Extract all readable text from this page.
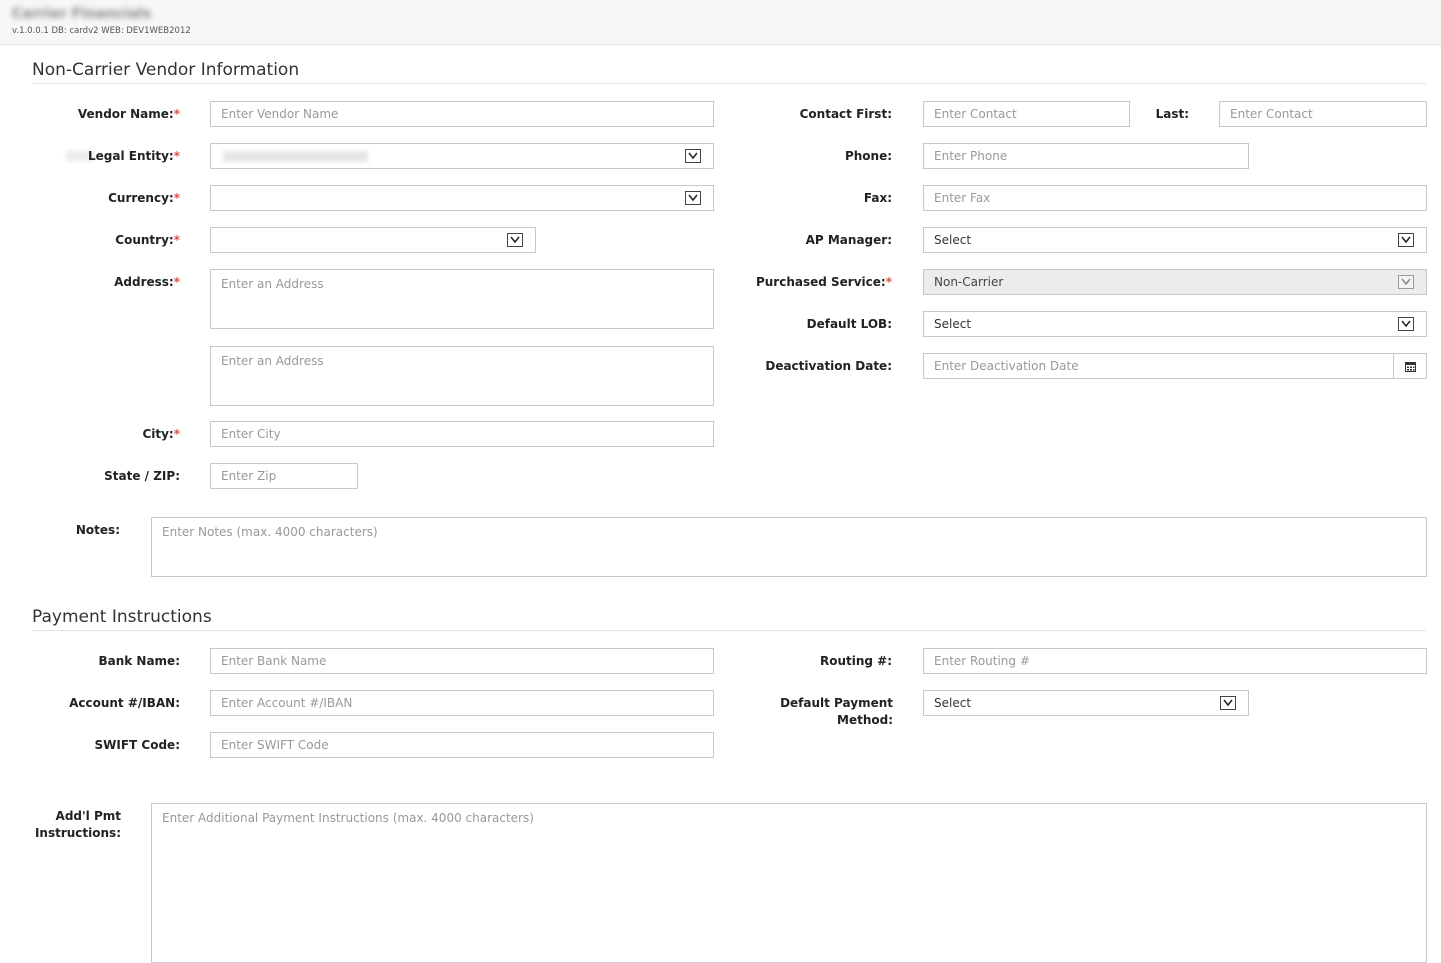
Carrier Financials
v.1.0.0.1 DB: cardv2 WEB: DEV1WEB2012
Non-Carrier Vendor Information
Vendor Name:*	Enter Vendor Name
Legal Entity:*
Currency:*
Country:*
Address:*	Enter an Address
Enter an Address
City:*	Enter City
State / ZIP:	Enter Zip
Contact First:	Enter Contact	Last:	Enter Contact
Phone:	Enter Phone
Fax:	Enter Fax
AP Manager:	Select
Purchased Service:*	Non-Carrier
Default LOB:	Select
Deactivation Date:	Enter Deactivation Date
Notes:	Enter Notes (max. 4000 characters)
Payment Instructions
Bank Name:	Enter Bank Name
Account #/IBAN:	Enter Account #/IBAN
SWIFT Code:	Enter SWIFT Code
Routing #:	Enter Routing #
Default Payment Method:
Select
Add'l Pmt Instructions:
Enter Additional Payment Instructions (max. 4000 characters)
